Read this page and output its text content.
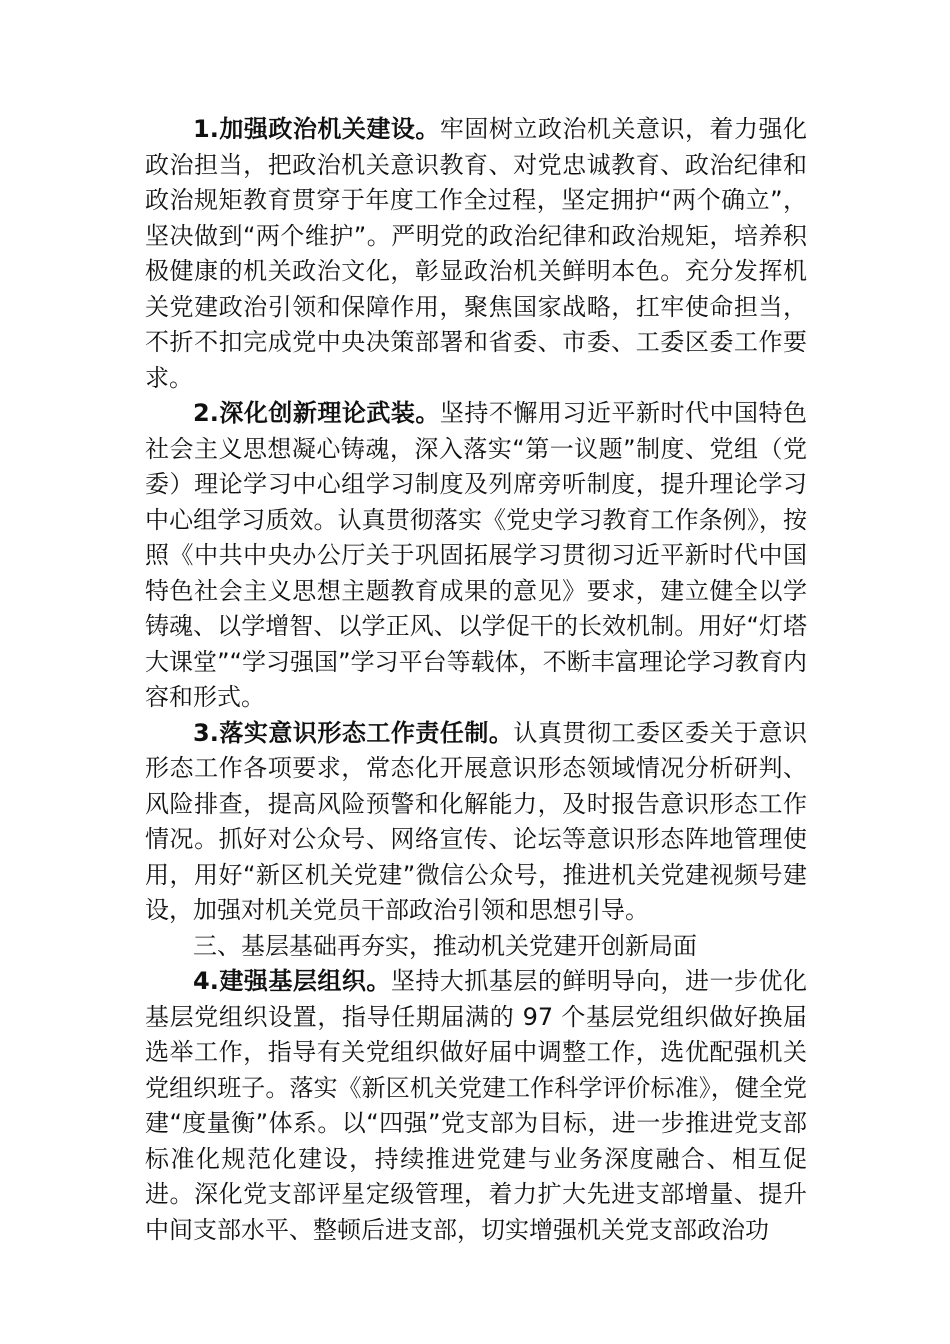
1.加强政治机关建设。牢固树立政治机关意识，着力强化政治担当，把政治机关意识教育、对党忠诚教育、政治纪律和政治规矩教育贯穿于年度工作全过程，坚定拥护“两个确立”，坚决做到“两个维护”。严明党的政治纪律和政治规矩，培养积极健康的机关政治文化，彰显政治机关鲜明本色。充分发挥机关党建政治引领和保障作用，聚焦国家战略，扛牢使命担当，不折不扣完成党中央决策部署和省委、市委、工委区委工作要求。

2.深化创新理论武装。坚持不懈用习近平新时代中国特色社会主义思想凝心铸魂，深入落实“第一议题”制度、党组（党委）理论学习中心组学习制度及列席旁听制度，提升理论学习中心组学习质效。认真贯彻落实《党史学习教育工作条例》，按照《中共中央办公厅关于巩固拓展学习贯彻习近平新时代中国特色社会主义思想主题教育成果的意见》要求，建立健全以学铸魂、以学增智、以学正风、以学促干的长效机制。用好“灯塔大课堂”“学习强国”学习平台等载体，不断丰富理论学习教育内容和形式。

3.落实意识形态工作责任制。认真贯彻工委区委关于意识形态工作各项要求，常态化开展意识形态领域情况分析研判、风险排查，提高风险预警和化解能力，及时报告意识形态工作情况。抓好对公众号、网络宣传、论坛等意识形态阵地管理使用，用好“新区机关党建”微信公众号，推进机关党建视频号建设，加强对机关党员干部政治引领和思想引导。

三、基层基础再夯实，推动机关党建开创新局面

4.建强基层组织。坚持大抓基层的鲜明导向，进一步优化基层党组织设置，指导任期届满的 97 个基层党组织做好换届选举工作，指导有关党组织做好届中调整工作，选优配强机关党组织班子。落实《新区机关党建工作科学评价标准》，健全党建“度量衡”体系。以“四强”党支部为目标，进一步推进党支部标准化规范化建设，持续推进党建与业务深度融合、相互促进。深化党支部评星定级管理，着力扩大先进支部增量、提升中间支部水平、整顿后进支部，切实增强机关党支部政治功
